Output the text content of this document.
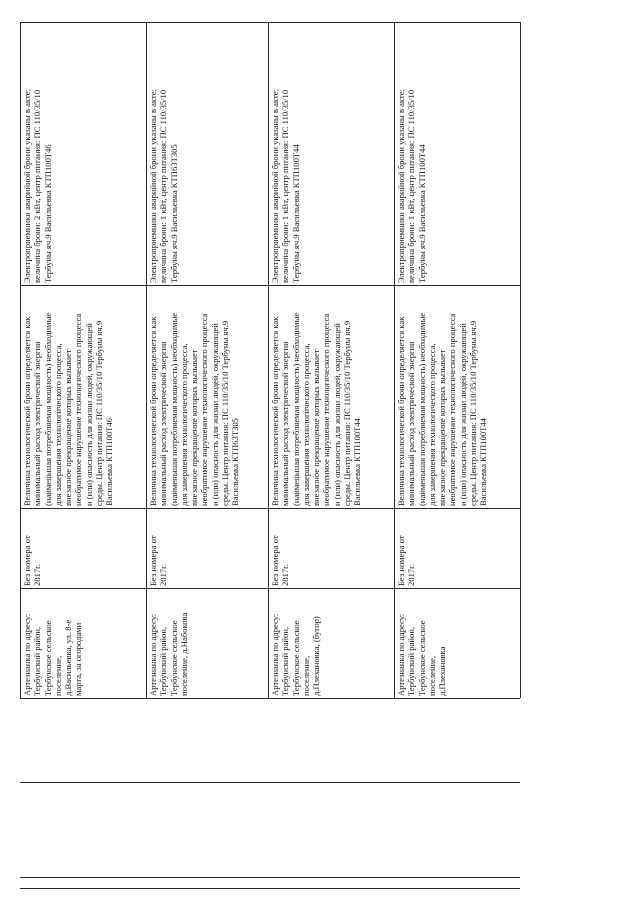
Артезианка по адресу: Тербунский район, Тербунское сельское поселение, д.Васильевка, ул. 8-е марта, за огородами
Без номера от 2017г.
Величина технологической брони определяется как минимальный расход электрической энергии (наименьшая потребляемая мощность) необходимые для завершения технологического процесса, внезапное прекращение которых вызывает необратимое нарушение технологического процесса и (или) опасность для жизни людей, окружающей среды. Центр питания: ПС 110/35/10 Тербуны яч.9 Васильевка КТП100Т46
Электроприемники аварийной брони указаны в акте: величина брони: 2 кВт, центр питания: ПС 110/35/10 Тербуны яч.9 Васильевка КТП100Т46
Артезианка по адресу: Тербунский район, Тербунское сельское поселение, д.Набокова
Без номера от 2017г.
Величина технологической брони определяется как минимальный расход электрической энергии (наименьшая потребляемая мощность) необходимые для завершения технологического процесса, внезапное прекращение которых вызывает необратимое нарушение технологического процесса и (или) опасность для жизни людей, окружающей среды. Центр питания: ПС 110/35/10 Тербуны яч.9 Васильевка КТП63Т305
Электроприемники аварийной брони указаны в акте: величина брони: 1 кВт, центр питания: ПС 110/35/10 Тербуны яч.9 Васильевка КТП63Т305
Артезианка по адресу: Тербунский район, Тербунское сельское поселение, д.Плехановка, (бугор)
Без номера от 2017г.
Величина технологической брони определяется как минимальный расход электрической энергии (наименьшая потребляемая мощность) необходимые для завершения технологического процесса, внезапное прекращение которых вызывает необратимое нарушение технологического процесса и (или) опасность для жизни людей, окружающей среды. Центр питания: ПС 110/35/10 Тербуны яч.9 Васильевка КТП100Т44
Электроприемники аварийной брони указаны в акте: величина брони: 1 кВт, центр питания: ПС 110/35/10 Тербуны яч.9 Васильевка КТП100Т44
Артезианка по адресу: Тербунский район, Тербунское сельское поселение, д.Плехановка
Без номера от 2017г.
Величина технологической брони определяется как минимальный расход электрической энергии (наименьшая потребляемая мощность) необходимые для завершения технологического процесса, внезапное прекращение которых вызывает необратимое нарушение технологического процесса и (или) опасность для жизни людей, окружающей среды. Центр питания: ПС 110/35/10 Тербуны яч.9 Васильевка КТП100Т44
Электроприемники аварийной брони указаны в акте: величина брони: 1 кВт, центр питания: ПС 110/35/10 Тербуны яч.9 Васильевка КТП100Т44
